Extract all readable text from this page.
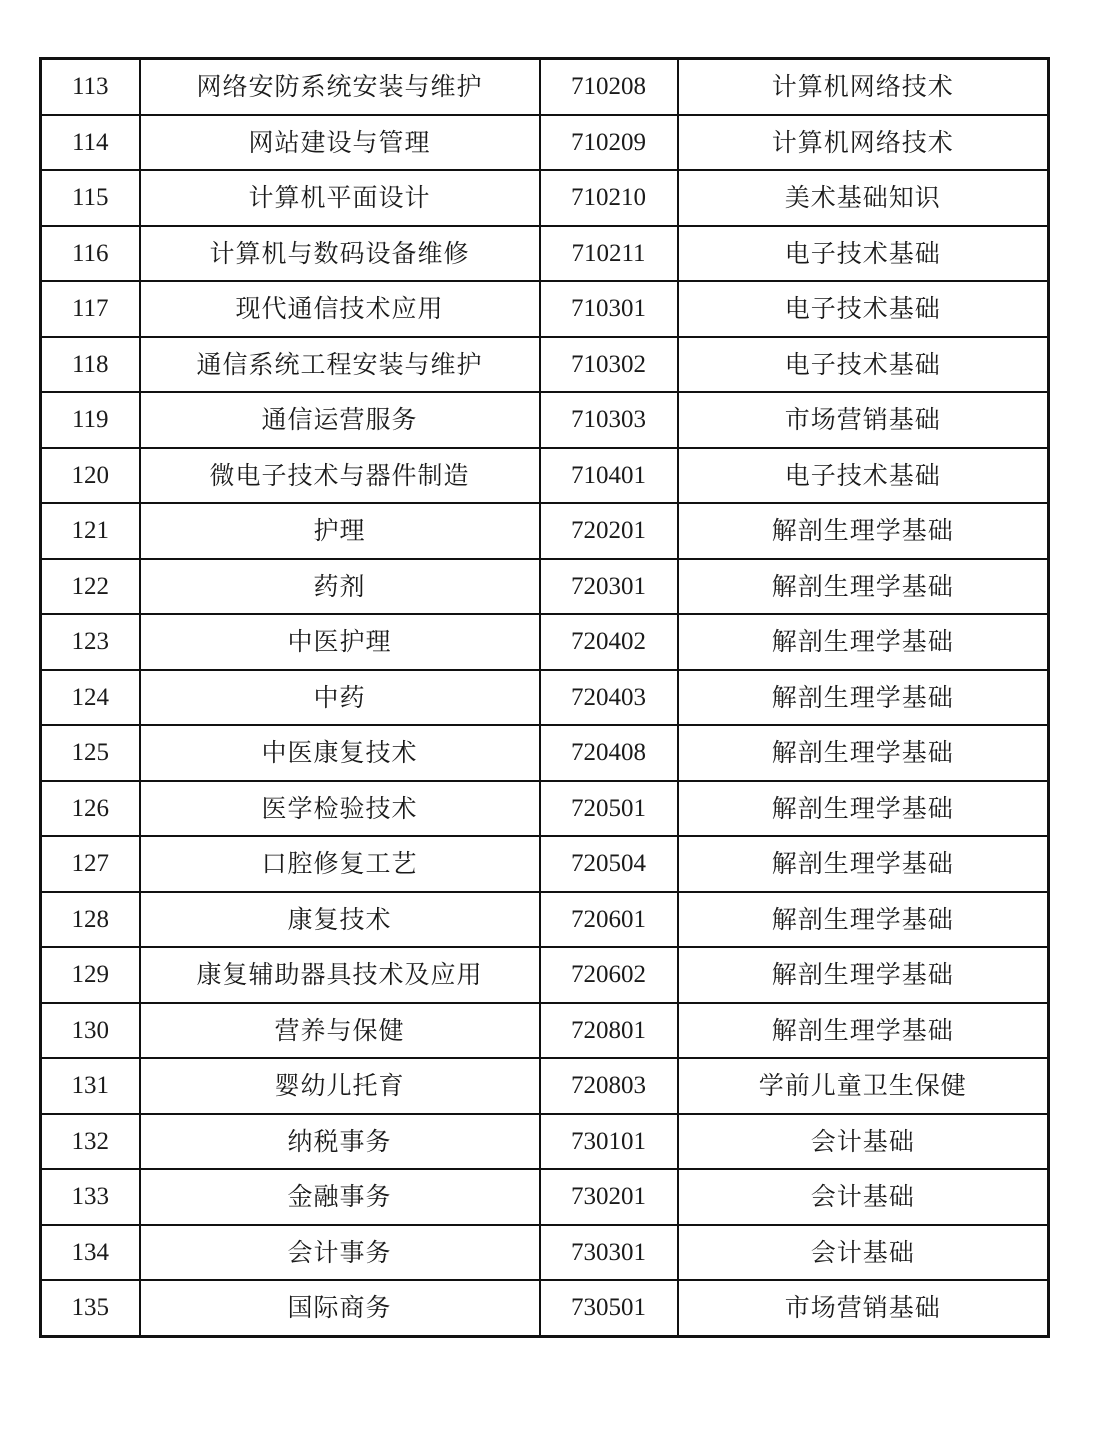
113	网络安防系统安装与维护	710208	计算机网络技术
114	网站建设与管理	710209	计算机网络技术
115	计算机平面设计	710210	美术基础知识
116	计算机与数码设备维修	710211	电子技术基础
117	现代通信技术应用	710301	电子技术基础
118	通信系统工程安装与维护	710302	电子技术基础
119	通信运营服务	710303	市场营销基础
120	微电子技术与器件制造	710401	电子技术基础
121	护理	720201	解剖生理学基础
122	药剂	720301	解剖生理学基础
123	中医护理	720402	解剖生理学基础
124	中药	720403	解剖生理学基础
125	中医康复技术	720408	解剖生理学基础
126	医学检验技术	720501	解剖生理学基础
127	口腔修复工艺	720504	解剖生理学基础
128	康复技术	720601	解剖生理学基础
129	康复辅助器具技术及应用	720602	解剖生理学基础
130	营养与保健	720801	解剖生理学基础
131	婴幼儿托育	720803	学前儿童卫生保健
132	纳税事务	730101	会计基础
133	金融事务	730201	会计基础
134	会计事务	730301	会计基础
135	国际商务	730501	市场营销基础
